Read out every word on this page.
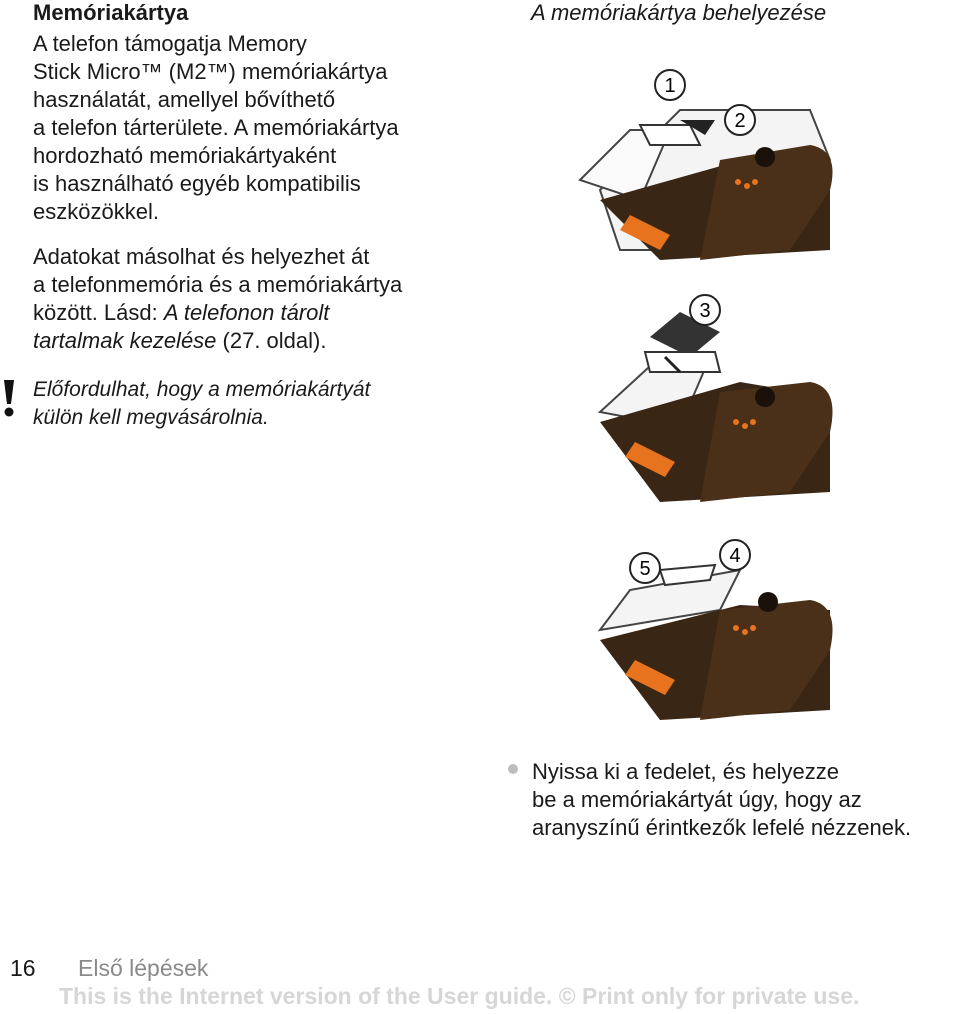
Memóriakártya
A telefon támogatja Memory
Stick Micro™ (M2™) memóriakártya
használatát, amellyel bővíthető
a telefon tárterülete. A memóriakártya
hordozható memóriakártyaként
is használható egyéb kompatibilis
eszközökkel.
Adatokat másolhat és helyezhet át
a telefonmemória és a memóriakártya
között. Lásd: A telefonon tárolt
tartalmak kezelése (27. oldal).
Előfordulhat, hogy a memóriakártyát
külön kell megvásárolnia.
A memóriakártya behelyezése
1
2
3
4
5
Nyissa ki a fedelet, és helyezze
be a memóriakártyát úgy, hogy az
aranyszínű érintkezők lefelé nézzenek.
16 Első lépések
This is the Internet version of the User guide. © Print only for private use.
